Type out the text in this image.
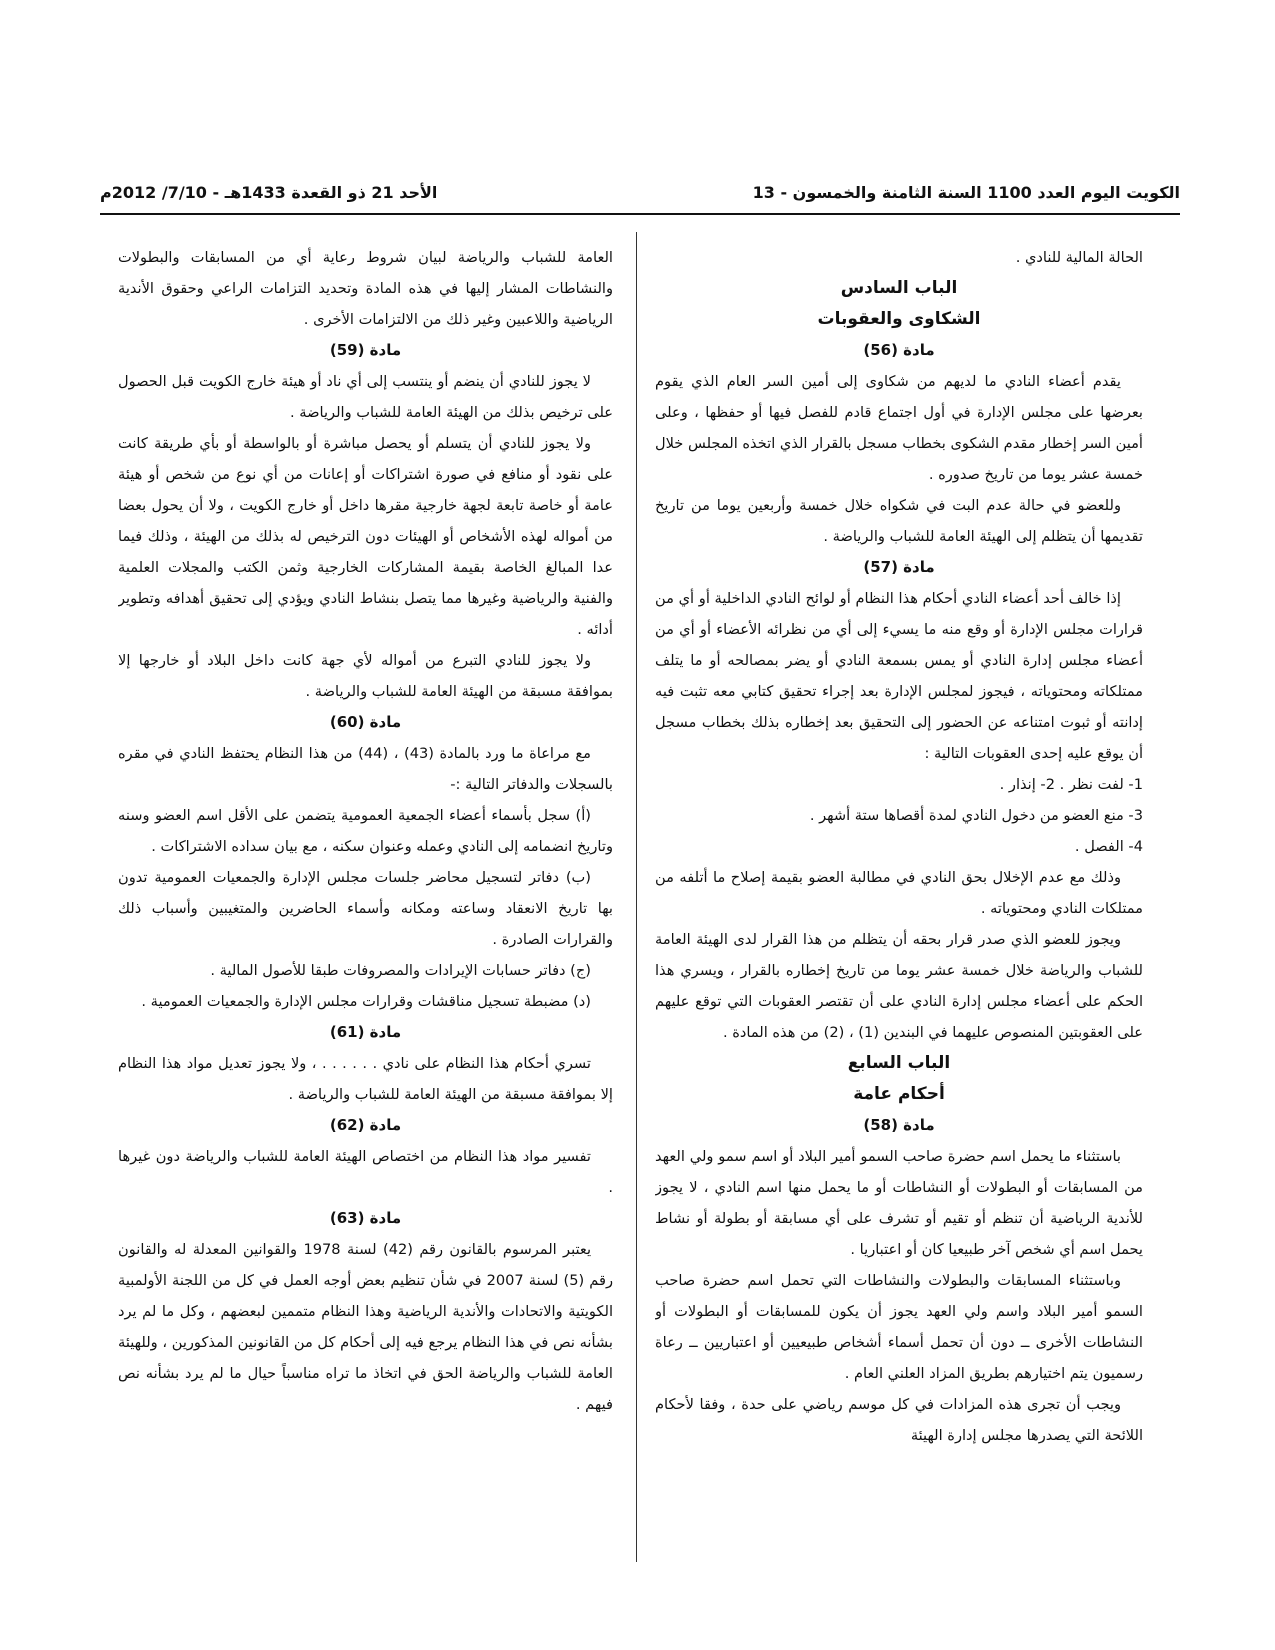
الكويت اليوم العدد 1100 السنة الثامنة والخمسون - 13
الأحد 21 ذو القعدة 1433هـ - 7/10/ 2012م

الحالة المالية للنادي .

الباب السادس
الشكاوى والعقوبات
مادة (56)

يقدم أعضاء النادي ما لديهم من شكاوى إلى أمين السر العام الذي يقوم بعرضها على مجلس الإدارة في أول اجتماع قادم للفصل فيها أو حفظها ، وعلى أمين السر إخطار مقدم الشكوى بخطاب مسجل بالقرار الذي اتخذه المجلس خلال خمسة عشر يوما من تاريخ صدوره .

وللعضو في حالة عدم البت في شكواه خلال خمسة وأربعين يوما من تاريخ تقديمها أن يتظلم إلى الهيئة العامة للشباب والرياضة .

مادة (57)

إذا خالف أحد أعضاء النادي أحكام هذا النظام أو لوائح النادي الداخلية أو أي من قرارات مجلس الإدارة أو وقع منه ما يسيء إلى أي من نظرائه الأعضاء أو أي من أعضاء مجلس إدارة النادي أو يمس بسمعة النادي أو يضر بمصالحه أو ما يتلف ممتلكاته ومحتوياته ، فيجوز لمجلس الإدارة بعد إجراء تحقيق كتابي معه تثبت فيه إدانته أو ثبوت امتناعه عن الحضور إلى التحقيق بعد إخطاره بذلك بخطاب مسجل أن يوقع عليه إحدى العقوبات التالية :

1- لفت نظر . 2- إنذار .
3- منع العضو من دخول النادي لمدة أقصاها ستة أشهر .
4- الفصل .

وذلك مع عدم الإخلال بحق النادي في مطالبة العضو بقيمة إصلاح ما أتلفه من ممتلكات النادي ومحتوياته .

ويجوز للعضو الذي صدر قرار بحقه أن يتظلم من هذا القرار لدى الهيئة العامة للشباب والرياضة خلال خمسة عشر يوما من تاريخ إخطاره بالقرار ، ويسري هذا الحكم على أعضاء مجلس إدارة النادي على أن تقتصر العقوبات التي توقع عليهم على العقوبتين المنصوص عليهما في البندين (1) ، (2) من هذه المادة .

الباب السابع
أحكام عامة
مادة (58)

باستثناء ما يحمل اسم حضرة صاحب السمو أمير البلاد أو اسم سمو ولي العهد من المسابقات أو البطولات أو النشاطات أو ما يحمل منها اسم النادي ، لا يجوز للأندية الرياضية أن تنظم أو تقيم أو تشرف على أي مسابقة أو بطولة أو نشاط يحمل اسم أي شخص آخر طبيعيا كان أو اعتباريا .

وباستثناء المسابقات والبطولات والنشاطات التي تحمل اسم حضرة صاحب السمو أمير البلاد واسم ولي العهد يجوز أن يكون للمسابقات أو البطولات أو النشاطات الأخرى ــ دون أن تحمل أسماء أشخاص طبيعيين أو اعتباريين ــ رعاة رسميون يتم اختيارهم بطريق المزاد العلني العام .

ويجب أن تجرى هذه المزادات في كل موسم رياضي على حدة ، وفقا لأحكام اللائحة التي يصدرها مجلس إدارة الهيئة

العامة للشباب والرياضة لبيان شروط رعاية أي من المسابقات والبطولات والنشاطات المشار إليها في هذه المادة وتحديد التزامات الراعي وحقوق الأندية الرياضية واللاعبين وغير ذلك من الالتزامات الأخرى .

مادة (59)

لا يجوز للنادي أن ينضم أو ينتسب إلى أي ناد أو هيئة خارج الكويت قبل الحصول على ترخيص بذلك من الهيئة العامة للشباب والرياضة .

ولا يجوز للنادي أن يتسلم أو يحصل مباشرة أو بالواسطة أو بأي طريقة كانت على نقود أو منافع في صورة اشتراكات أو إعانات من أي نوع من شخص أو هيئة عامة أو خاصة تابعة لجهة خارجية مقرها داخل أو خارج الكويت ، ولا أن يحول بعضا من أمواله لهذه الأشخاص أو الهيئات دون الترخيص له بذلك من الهيئة ، وذلك فيما عدا المبالغ الخاصة بقيمة المشاركات الخارجية وثمن الكتب والمجلات العلمية والفنية والرياضية وغيرها مما يتصل بنشاط النادي ويؤدي إلى تحقيق أهدافه وتطوير أدائه .

ولا يجوز للنادي التبرع من أمواله لأي جهة كانت داخل البلاد أو خارجها إلا بموافقة مسبقة من الهيئة العامة للشباب والرياضة .

مادة (60)

مع مراعاة ما ورد بالمادة (43) ، (44) من هذا النظام يحتفظ النادي في مقره بالسجلات والدفاتر التالية :-

(أ) سجل بأسماء أعضاء الجمعية العمومية يتضمن على الأقل اسم العضو وسنه وتاريخ انضمامه إلى النادي وعمله وعنوان سكنه ، مع بيان سداده الاشتراكات .

(ب) دفاتر لتسجيل محاضر جلسات مجلس الإدارة والجمعيات العمومية تدون بها تاريخ الانعقاد وساعته ومكانه وأسماء الحاضرين والمتغيبين وأسباب ذلك والقرارات الصادرة .

(ج) دفاتر حسابات الإيرادات والمصروفات طبقا للأصول المالية .

(د) مضبطة تسجيل مناقشات وقرارات مجلس الإدارة والجمعيات العمومية .

مادة (61)

تسري أحكام هذا النظام على نادي . . . . . . ، ولا يجوز تعديل مواد هذا النظام إلا بموافقة مسبقة من الهيئة العامة للشباب والرياضة .

مادة (62)

تفسير مواد هذا النظام من اختصاص الهيئة العامة للشباب والرياضة دون غيرها .

مادة (63)

يعتبر المرسوم بالقانون رقم (42) لسنة 1978 والقوانين المعدلة له والقانون رقم (5) لسنة 2007 في شأن تنظيم بعض أوجه العمل في كل من اللجنة الأولمبية الكويتية والاتحادات والأندية الرياضية وهذا النظام متممين لبعضهم ، وكل ما لم يرد بشأنه نص في هذا النظام يرجع فيه إلى أحكام كل من القانونين المذكورين ، وللهيئة العامة للشباب والرياضة الحق في اتخاذ ما تراه مناسباً حيال ما لم يرد بشأنه نص فيهم .
